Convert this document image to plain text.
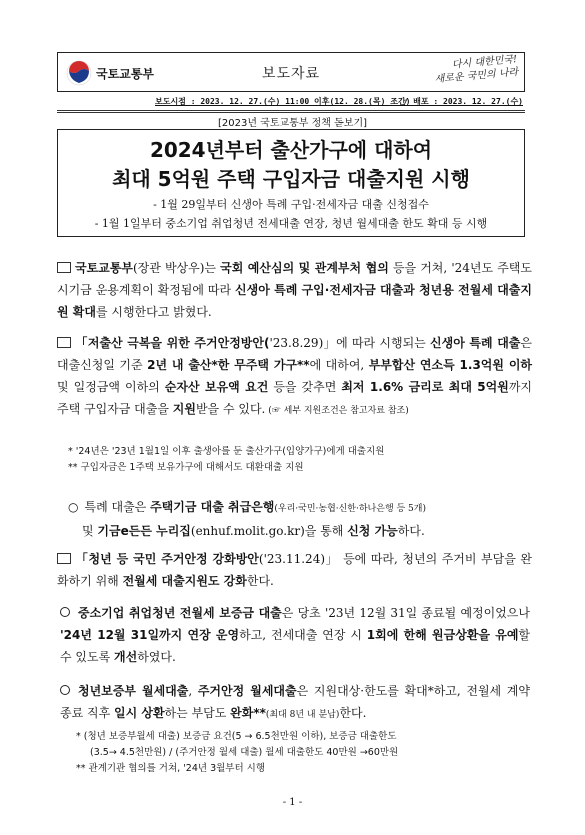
국토교통부	보도자료
다시 대한민국!
새로운 국민의 나라
보도시점 : 2023. 12. 27.(수) 11:00 이후(12. 28.(목) 조간)
/ 배포 : 2023. 12. 27.(수)
[2023년 국토교통부 정책 돋보기]
2024년부터 출산가구에 대하여
최대 5억원 주택 구입자금 대출지원 시행
- 1월 29일부터 신생아 특례 구입·전세자금 대출 신청접수
- 1월 1일부터 중소기업 취업청년 전세대출 연장, 청년 월세대출 한도 확대 등 시행

국토교통부(장관 박상우)는 국회 예산심의 및 관계부처 협의 등을 거쳐, '24년도 주택도시기금 운용계획이 확정됨에 따라 신생아 특례 구입·전세자금 대출과 청년용 전월세 대출지원 확대를 시행한다고 밝혔다.

「저출산 극복을 위한 주거안정방안('23.8.29)」에 따라 시행되는 신생아 특례 대출은 대출신청일 기준 2년 내 출산*한 무주택 가구**에 대하여, 부부합산 연소득 1.3억원 이하 및 일정금액 이하의 순자산 보유액 요건 등을 갖추면 최저 1.6% 금리로 최대 5억원까지 주택 구입자금 대출을 지원받을 수 있다. (☞ 세부 지원조건은 참고자료 참조)

* '24년은 '23년 1월1일 이후 출생아를 둔 출산가구(입양가구)에게 대출지원
** 구입자금은 1주택 보유가구에 대해서도 대환대출 지원

○ 특례 대출은 주택기금 대출 취급은행(우리·국민·농협·신한·하나은행 등 5개)
및 기금e든든 누리집(enhuf.molit.go.kr)을 통해 신청 가능하다.

「청년 등 국민 주거안정 강화방안('23.11.24)」 등에 따라, 청년의 주거비 부담을 완화하기 위해 전월세 대출지원도 강화한다.

중소기업 취업청년 전월세 보증금 대출은 당초 '23년 12월 31일 종료될 예정이었으나 '24년 12월 31일까지 연장 운영하고, 전세대출 연장 시 1회에 한해 원금상환을 유예할 수 있도록 개선하였다.

청년보증부 월세대출, 주거안정 월세대출은 지원대상·한도를 확대*하고, 전월세 계약 종료 직후 일시 상환하는 부담도 완화**(최대 8년 내 분납)한다.

* (청년 보증부월세 대출) 보증금 요건(5 → 6.5천만원 이하), 보증금 대출한도
(3.5→ 4.5천만원) / (주거안정 월세 대출) 월세 대출한도 40만원 →60만원
** 관계기관 협의를 거쳐, '24년 3월부터 시행
- 1 -
